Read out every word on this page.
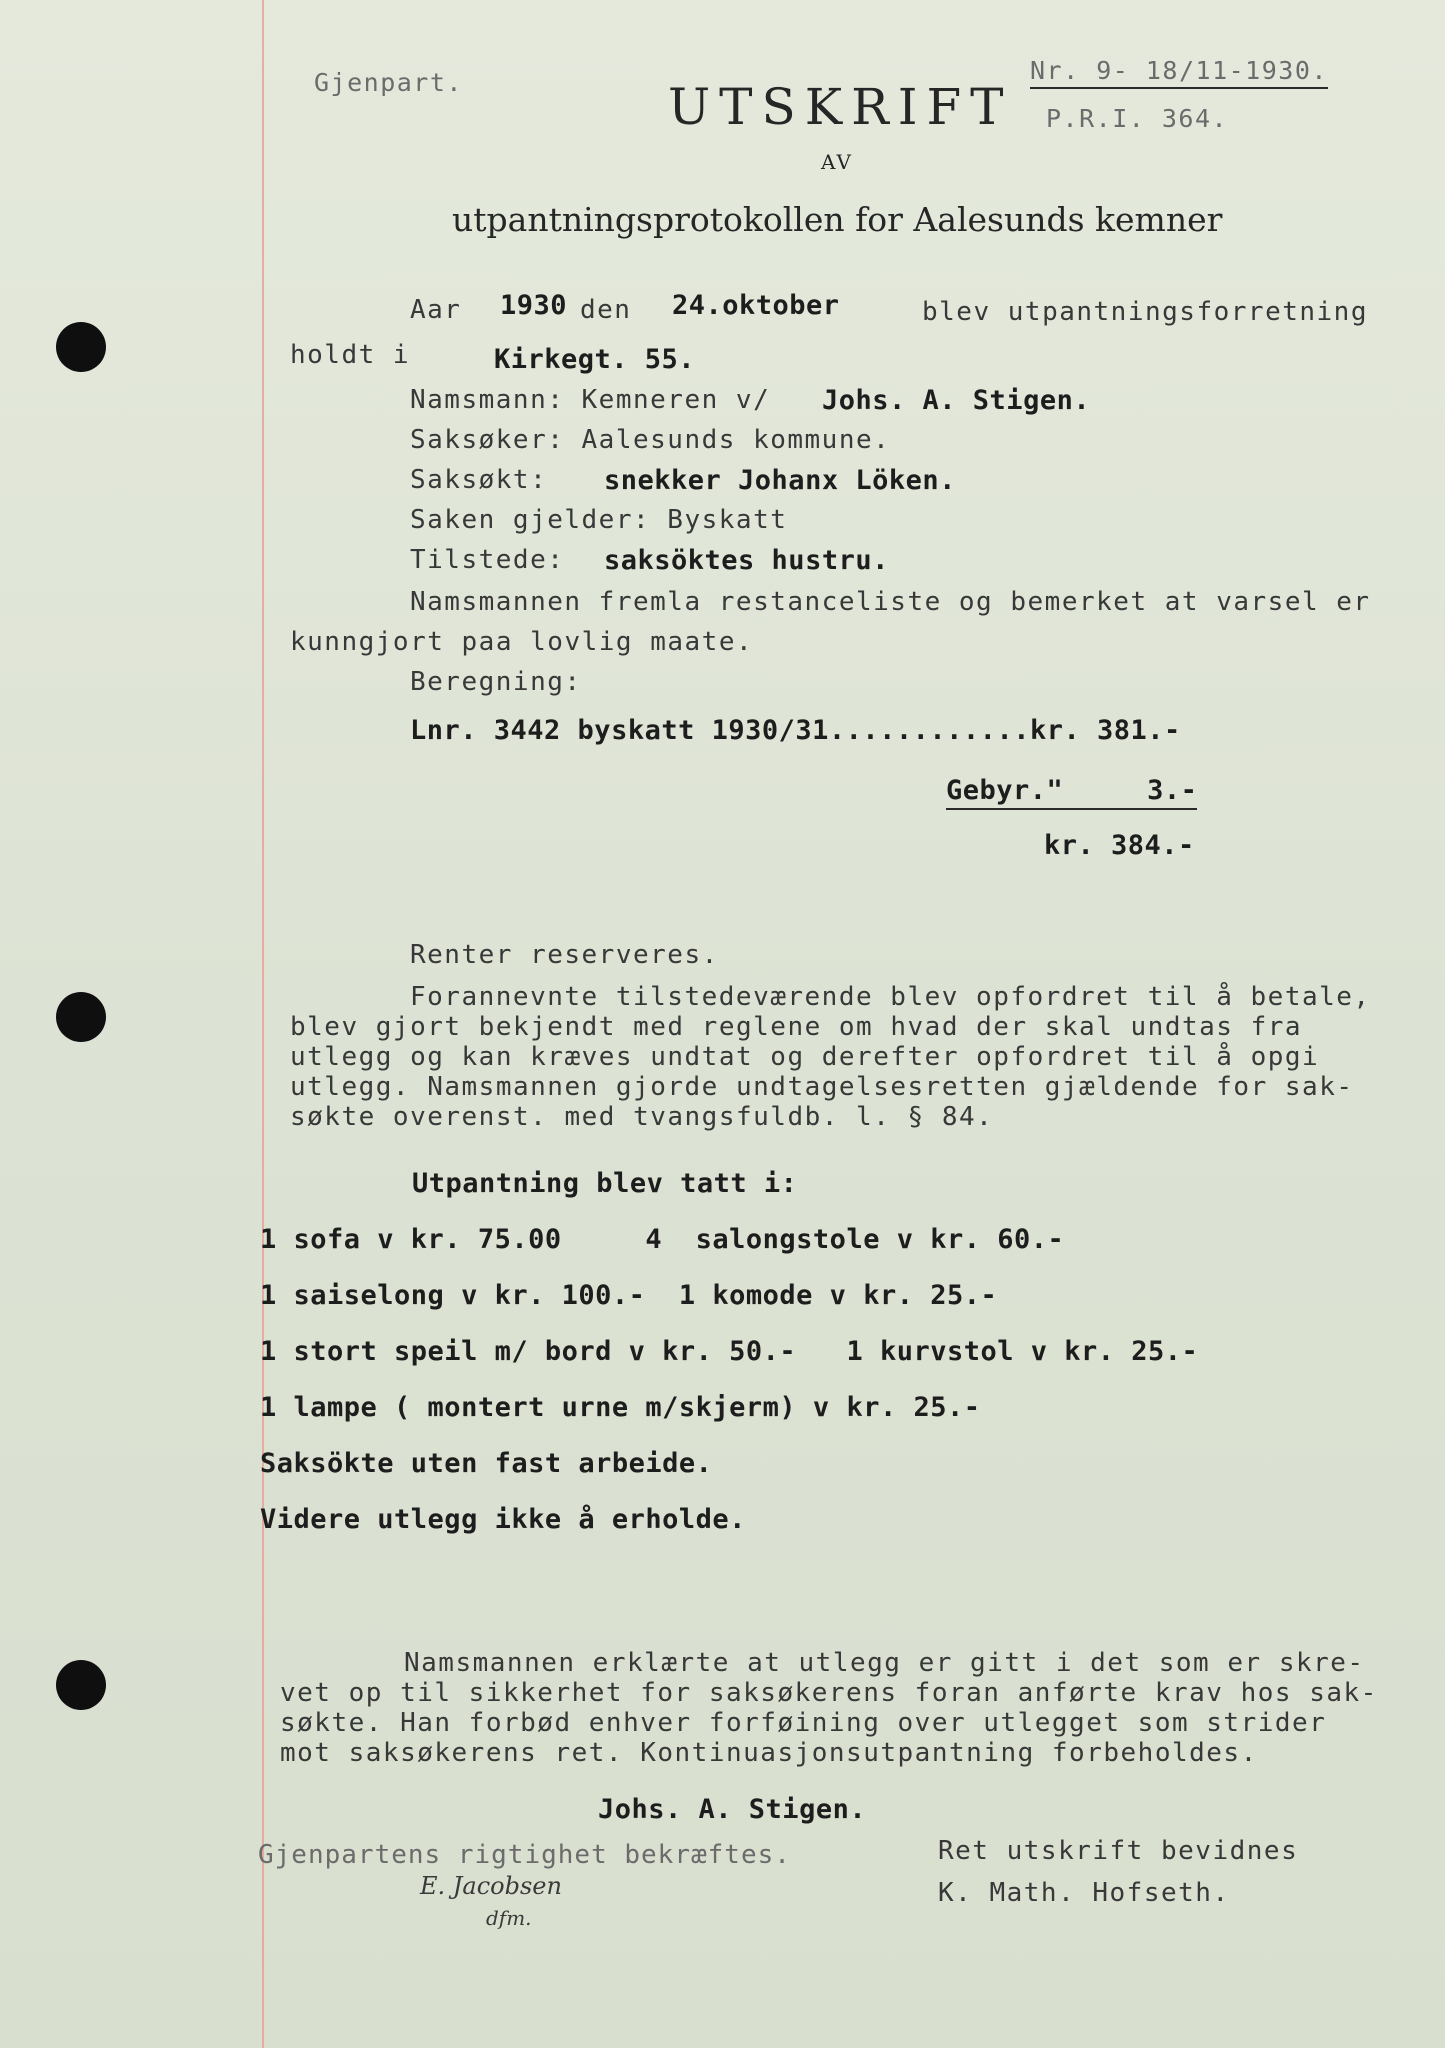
Gjenpart.	UTSKRIFT
Nr. 9- 18/11-1930.
P.R.I. 364.
AV
utpantningsprotokollen for Aalesunds kemner
Aar 1930 den 24.oktober	blev utpantningsforretning
holdt i	Kirkegt. 55.
Namsmann: Kemneren v/ Johs. A. Stigen.
Saksøker: Aalesunds kommune.
Saksøkt: snekker Johanx Löken.
Saken gjelder: Byskatt
Tilstede: saksöktes hustru.
Namsmannen fremla restanceliste og bemerket at varsel er
kunngjort paa lovlig maate.
Beregning:
Lnr. 3442 byskatt 1930/31............kr. 381.-
Gebyr."     3.-
kr. 384.-
Renter reserveres.
Forannevnte tilstedeværende blev opfordret til å betale,
blev gjort bekjendt med reglene om hvad der skal undtas fra
utlegg og kan kræves undtat og derefter opfordret til å opgi
utlegg. Namsmannen gjorde undtagelsesretten gjældende for sak-
søkte overenst. med tvangsfuldb. l. § 84.
Utpantning blev tatt i:
1 sofa v kr. 75.00     4  salongstole v kr. 60.-
1 saiselong v kr. 100.-  1 komode v kr. 25.-
1 stort speil m/ bord v kr. 50.-   1 kurvstol v kr. 25.-
1 lampe ( montert urne m/skjerm) v kr. 25.-
Saksökte uten fast arbeide.
Videre utlegg ikke å erholde.
Namsmannen erklærte at utlegg er gitt i det som er skre-
vet op til sikkerhet for saksøkerens foran anførte krav hos sak-
søkte. Han forbød enhver forføining over utlegget som strider
mot saksøkerens ret. Kontinuasjonsutpantning forbeholdes.
Johs. A. Stigen.
Gjenpartens rigtighet bekræftes.	Ret utskrift bevidnes
E. Jacobsen
dfm.
K. Math. Hofseth.
